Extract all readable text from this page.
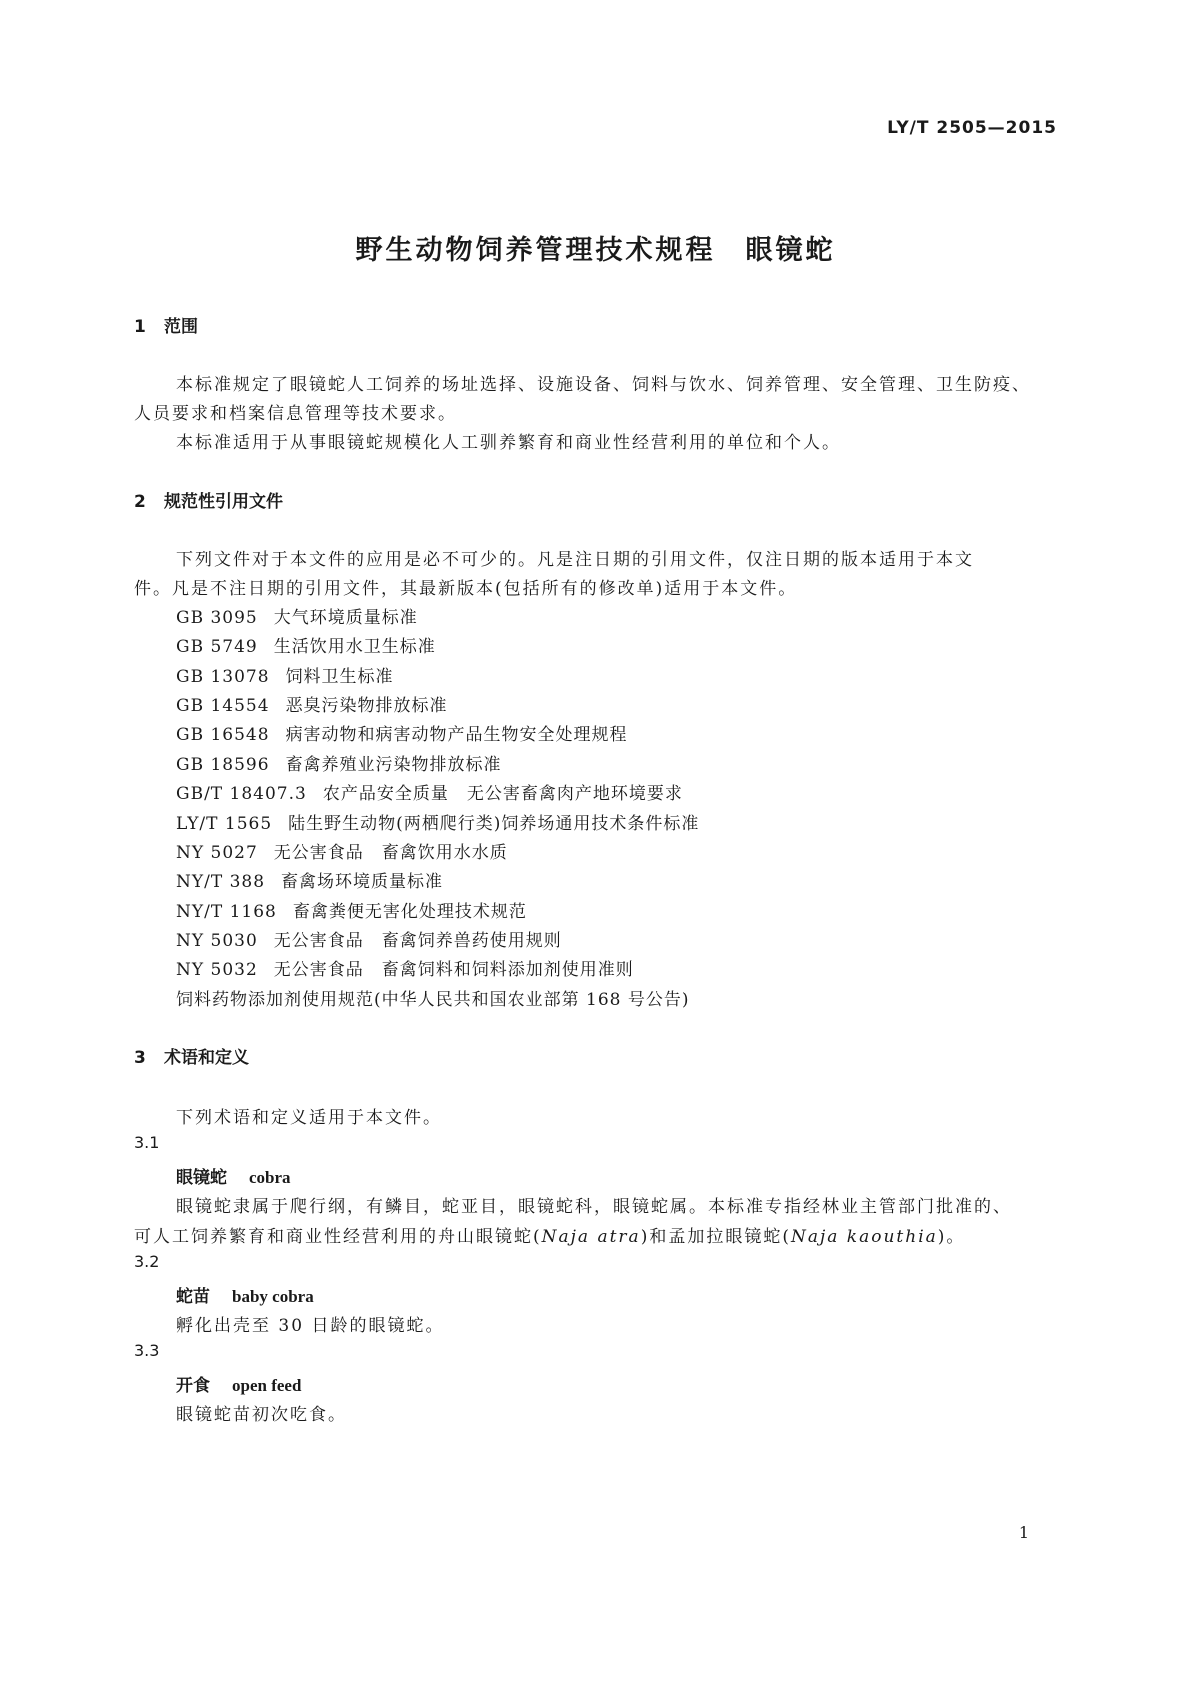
LY/T 2505—2015
野生动物饲养管理技术规程　眼镜蛇
1 范围
本标准规定了眼镜蛇人工饲养的场址选择、设施设备、饲料与饮水、饲养管理、安全管理、卫生防疫、
人员要求和档案信息管理等技术要求。
本标准适用于从事眼镜蛇规模化人工驯养繁育和商业性经营利用的单位和个人。
2 规范性引用文件
下列文件对于本文件的应用是必不可少的。凡是注日期的引用文件，仅注日期的版本适用于本文
件。凡是不注日期的引用文件，其最新版本(包括所有的修改单)适用于本文件。
GB 3095 大气环境质量标准
GB 5749 生活饮用水卫生标准
GB 13078 饲料卫生标准
GB 14554 恶臭污染物排放标准
GB 16548 病害动物和病害动物产品生物安全处理规程
GB 18596 畜禽养殖业污染物排放标准
GB/T 18407.3 农产品安全质量　无公害畜禽肉产地环境要求
LY/T 1565 陆生野生动物(两栖爬行类)饲养场通用技术条件标准
NY 5027 无公害食品　畜禽饮用水水质
NY/T 388 畜禽场环境质量标准
NY/T 1168 畜禽粪便无害化处理技术规范
NY 5030 无公害食品　畜禽饲养兽药使用规则
NY 5032 无公害食品　畜禽饲料和饲料添加剂使用准则
饲料药物添加剂使用规范(中华人民共和国农业部第 168 号公告)
3 术语和定义
下列术语和定义适用于本文件。
3.1
眼镜蛇 cobra
眼镜蛇隶属于爬行纲，有鳞目，蛇亚目，眼镜蛇科，眼镜蛇属。本标准专指经林业主管部门批准的、
可人工饲养繁育和商业性经营利用的舟山眼镜蛇(Naja atra)和孟加拉眼镜蛇(Naja kaouthia)。
3.2
蛇苗 baby cobra
孵化出壳至 30 日龄的眼镜蛇。
3.3
开食 open feed
眼镜蛇苗初次吃食。
1
